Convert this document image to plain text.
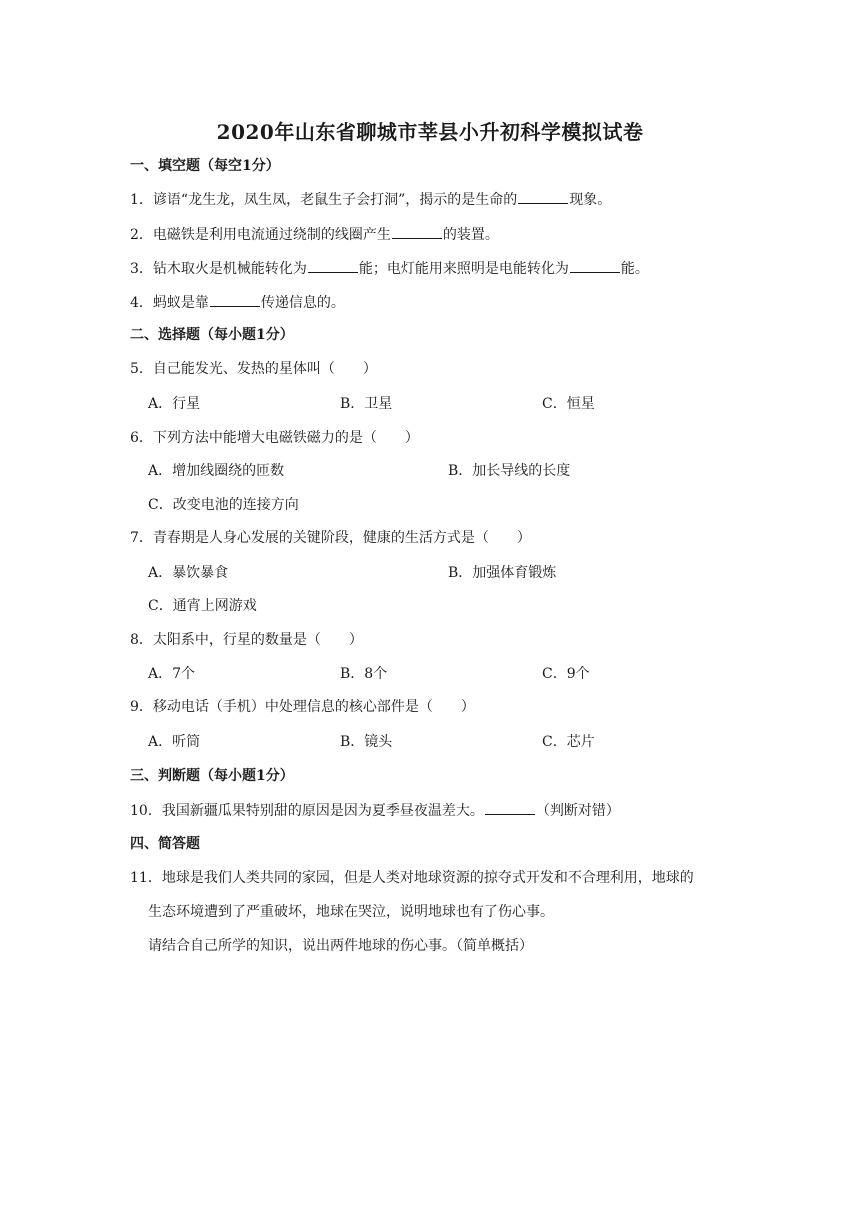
2020年山东省聊城市莘县小升初科学模拟试卷
一、填空题（每空1分）
1．谚语“龙生龙，凤生凤，老鼠生子会打洞”，揭示的是生命的	现象。
2．电磁铁是利用电流通过绕制的线圈产生	的装置。
3．钻木取火是机械能转化为	能；电灯能用来照明是电能转化为	能。
4．蚂蚁是靠	传递信息的。
二、选择题（每小题1分）
5．自己能发光、发热的星体叫（　　）
A．行星	B．卫星	C．恒星
6．下列方法中能增大电磁铁磁力的是（　　）
A．增加线圈绕的匝数	B．加长导线的长度
C．改变电池的连接方向
7．青春期是人身心发展的关键阶段，健康的生活方式是（　　）
A．暴饮暴食	B．加强体育锻炼
C．通宵上网游戏
8．太阳系中，行星的数量是（　　）
A．7个	B．8个	C．9个
9．移动电话（手机）中处理信息的核心部件是（　　）
A．听筒	B．镜头	C．芯片
三、判断题（每小题1分）
10．我国新疆瓜果特别甜的原因是因为夏季昼夜温差大。	（判断对错）
四、简答题
11．地球是我们人类共同的家园，但是人类对地球资源的掠夺式开发和不合理利用，地球的
生态环境遭到了严重破坏，地球在哭泣，说明地球也有了伤心事。
请结合自己所学的知识，说出两件地球的伤心事。（简单概括）
